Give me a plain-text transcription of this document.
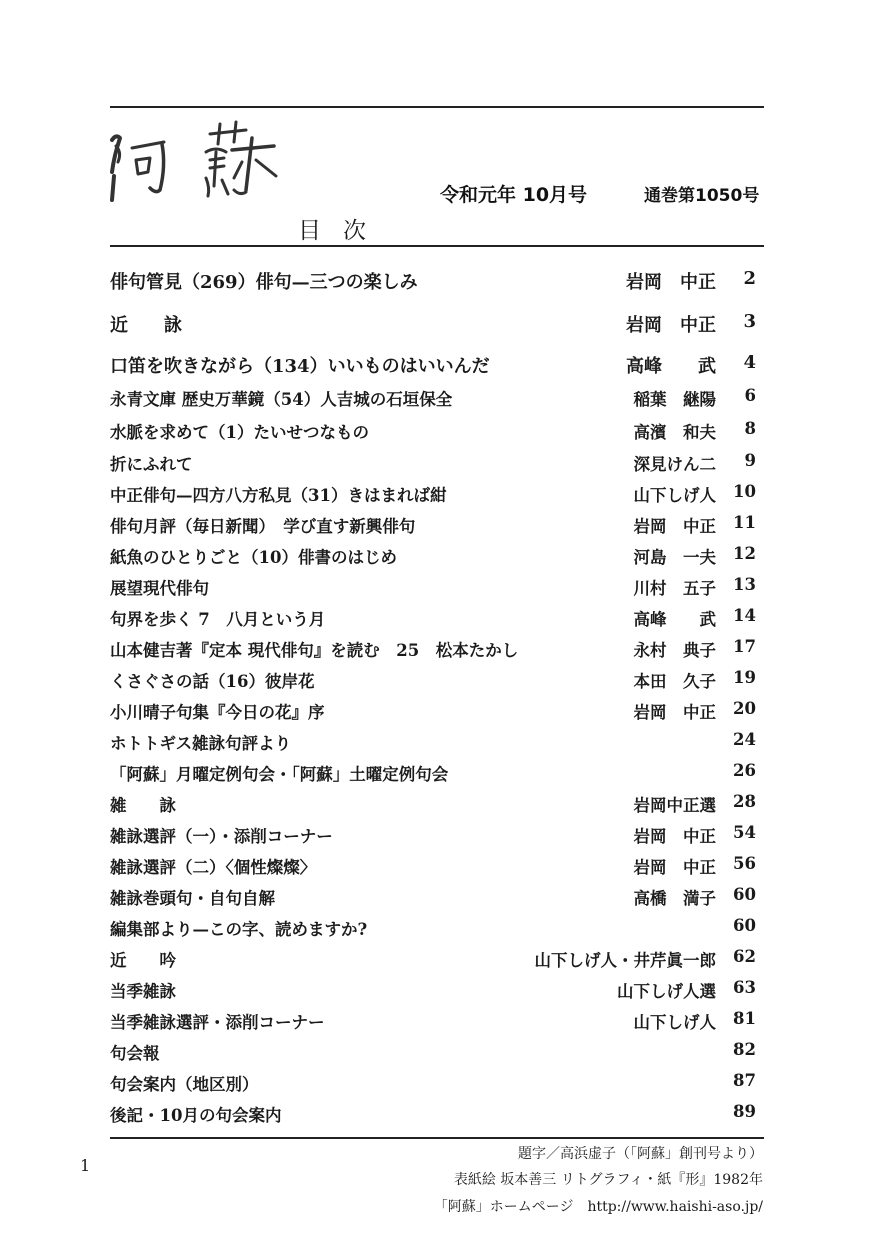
令和元年 10月号	通巻第1050号
目次
俳句管見（269）俳句—三つの楽しみ	岩岡　中正	2
近　　詠	岩岡　中正	3
口笛を吹きながら（134）いいものはいいんだ	高峰　　武	4
永青文庫 歴史万華鏡（54）人吉城の石垣保全	稲葉　継陽	6
水脈を求めて（1）たいせつなもの	高濱　和夫	8
折にふれて	深見けん二	9
中正俳句—四方八方私見（31）きはまれば紺	山下しげ人	10
俳句月評（毎日新聞）　学び直す新興俳句	岩岡　中正	11
紙魚のひとりごと（10）俳書のはじめ	河島　一夫	12
展望現代俳句	川村　五子	13
句界を歩く 7　八月という月	高峰　　武	14
山本健吉著『定本 現代俳句』を読む　25　松本たかし	永村　典子	17
くさぐさの話（16）彼岸花	本田　久子	19
小川晴子句集『今日の花』序	岩岡　中正	20
ホトトギス雑詠句評より	24
「阿蘇」月曜定例句会・「阿蘇」土曜定例句会	26
雑　　詠	岩岡中正選	28
雑詠選評（一）・添削コーナー	岩岡　中正	54
雑詠選評（二）〈個性燦燦〉	岩岡　中正	56
雑詠巻頭句・自句自解	高橋　満子	60
編集部より—この字、読めますか?	60
近　　吟	山下しげ人・井芹眞一郎	62
当季雑詠	山下しげ人選	63
当季雑詠選評・添削コーナー	山下しげ人	81
句会報	82
句会案内（地区別）	87
後記・10月の句会案内	89
1
題字／高浜虚子（「阿蘇」創刊号より）
表紙絵 坂本善三 リトグラフィ・紙『形』1982年
「阿蘇」ホームページ　http://www.haishi-aso.jp/
